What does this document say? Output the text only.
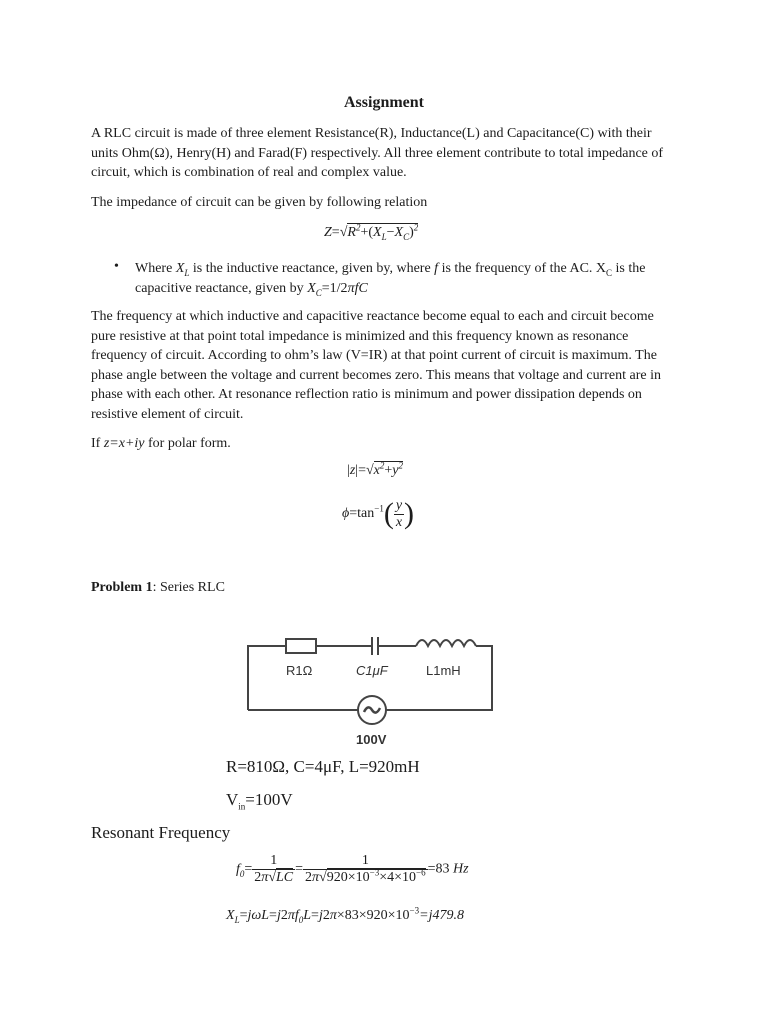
Assignment

A RLC circuit is made of three element Resistance(R), Inductance(L) and Capacitance(C) with their units Ohm(Ω), Henry(H) and Farad(F) respectively. All three element contribute to total impedance of circuit, which is combination of real and complex value.

The impedance of circuit can be given by following relation

$Z=√R^2+(X_L-X_C)^2$
• Where $X_L$ is the inductive reactance, given by, where f is the frequency of the AC. $X_C$ is the capacitive reactance, given by $X_C=1/2\pi fC$

The frequency at which inductive and capacitive reactance become equal to each and circuit become pure resistive at that point total impedance is minimized and this frequency known as resonance frequency of circuit. According to ohm’s law (V=IR) at that point current of circuit is maximum. The phase angle between the voltage and current becomes zero. This means that voltage and current are in phase with each other. At resonance reflection ratio is minimum and power dissipation depends on resistive element of circuit.

If z=x+iy for polar form.

$|z|=√x^2+y^2$
$\phi=\tan^{-1}( \frac{y}{x}$ )

Problem 1: Series RLC

R1Ω	C1μF	L1mH
100V
R=810Ω, C=4μF, L=920mH
$V_{in}=100V$
Resonant Frequency
$f_0= \frac{1}{2\pi√LC} = \frac{1}{2\pi√920\times 10^{-3}\times 4\times 10^{-6}} =83$ Hz
$X_L=j\omega L=j2\pi f_0L=j2\pi\times 83\times 920\times 10^{-3}=j479.8$
